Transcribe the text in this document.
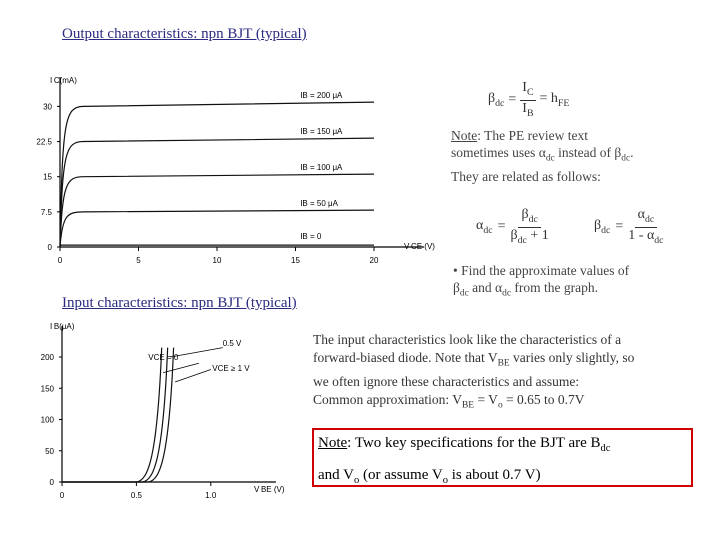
Output characteristics: npn BJT (typical)
I C(mA)
V CE (V)
0	5	10	15	20
0
7.5
15
22.5
30
IB = 200 μA
IB = 150 μA
IB = 100 μA
IB = 50 μA
IB = 0
$\beta_{dc} = \frac{I_C}{I_B} = h_{FE}$
Note: The PE review text
sometimes uses $\alpha_{dc}$ instead of $\beta_{dc}$.
They are related as follows:
$\alpha_{dc}$ =
$\beta_{dc}$
$\beta_{dc} + 1$
$\beta_{dc}$ =
$\alpha_{dc}$
$1 - \alpha_{dc}$
• Find the approximate values of
$\beta_{dc}$ and $\alpha_{dc}$ from the graph.
Input characteristics: npn BJT (typical)
I B(μA)
V BE (V)
0	0.5	1.0
0
50
100
150
200	VCE = 0
0.5 V
VCE ≥ 1 V
The input characteristics look like the characteristics of a
forward-biased diode. Note that $V_{BE}$ varies only slightly, so
we often ignore these characteristics and assume:
Common approximation: $V_{BE} = V_o = 0.65$ to 0.7V
Note: Two key specifications for the BJT are $B_{dc}$
and $V_o$ (or assume $V_o$ is about 0.7 V)
